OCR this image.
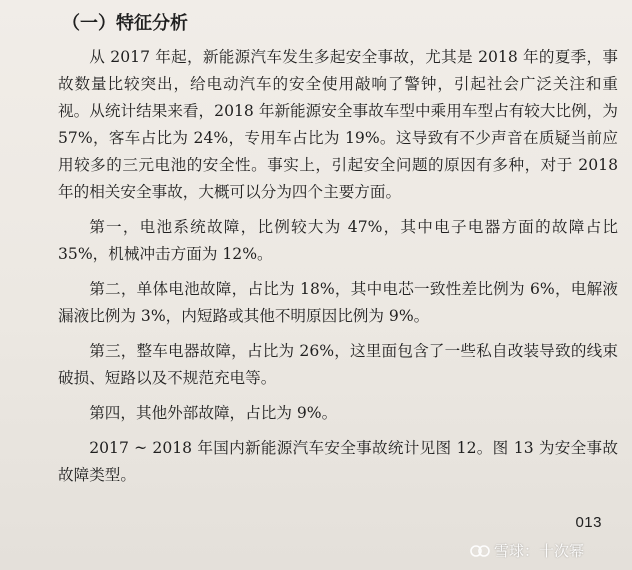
（一）特征分析

从 2017 年起，新能源汽车发生多起安全事故，尤其是 2018 年的夏季，事故数量比较突出，给电动汽车的安全使用敲响了警钟，引起社会广泛关注和重视。从统计结果来看，2018 年新能源安全事故车型中乘用车型占有较大比例，为 57%，客车占比为 24%，专用车占比为 19%。这导致有不少声音在质疑当前应用较多的三元电池的安全性。事实上，引起安全问题的原因有多种，对于 2018 年的相关安全事故，大概可以分为四个主要方面。

第一，电池系统故障，比例较大为 47%，其中电子电器方面的故障占比 35%，机械冲击方面为 12%。

第二，单体电池故障，占比为 18%，其中电芯一致性差比例为 6%，电解液漏液比例为 3%，内短路或其他不明原因比例为 9%。

第三，整车电器故障，占比为 26%，这里面包含了一些私自改装导致的线束破损、短路以及不规范充电等。

第四，其他外部故障，占比为 9%。

2017 ~ 2018 年国内新能源汽车安全事故统计见图 12。图 13 为安全事故故障类型。

013
雪球：十次幂
